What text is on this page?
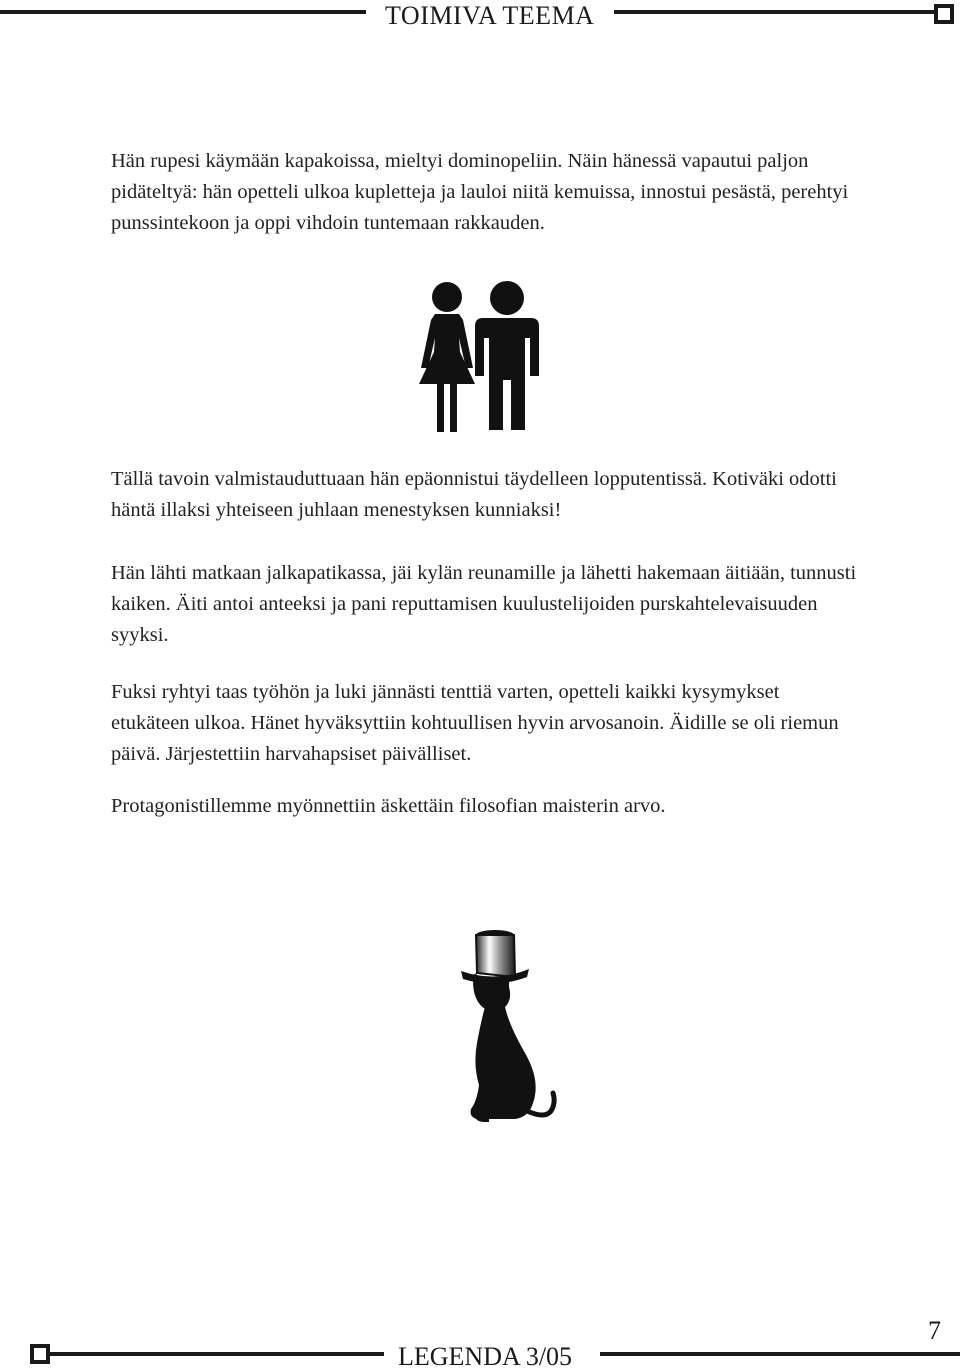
TOIMIVA TEEMA

Hän rupesi käymään kapakoissa, mieltyi dominopeliin. Näin hänessä vapautui paljon pidäteltyä: hän opetteli ulkoa kupletteja ja lauloi niitä kemuissa, innostui pesästä, perehtyi punssintekoon ja oppi vihdoin tuntemaan rakkauden.

Tällä tavoin valmistauduttuaan hän epäonnistui täydelleen lopputentissä. Kotiväki odotti häntä illaksi yhteiseen juhlaan menestyksen kunniaksi!

Hän lähti matkaan jalkapatikassa, jäi kylän reunamille ja lähetti hakemaan äitiään, tunnusti kaiken. Äiti antoi anteeksi ja pani reputtamisen kuulustelijoiden purskahtelevaisuuden syyksi.

Fuksi ryhtyi taas työhön ja luki jännästi tenttiä varten, opetteli kaikki kysymykset etukäteen ulkoa. Hänet hyväksyttiin kohtuullisen hyvin arvosanoin. Äidille se oli riemun päivä. Järjestettiin harvahapsiset päivälliset.

Protagonistillemme myönnettiin äskettäin filosofian maisterin arvo.

LEGENDA 3/05
7
